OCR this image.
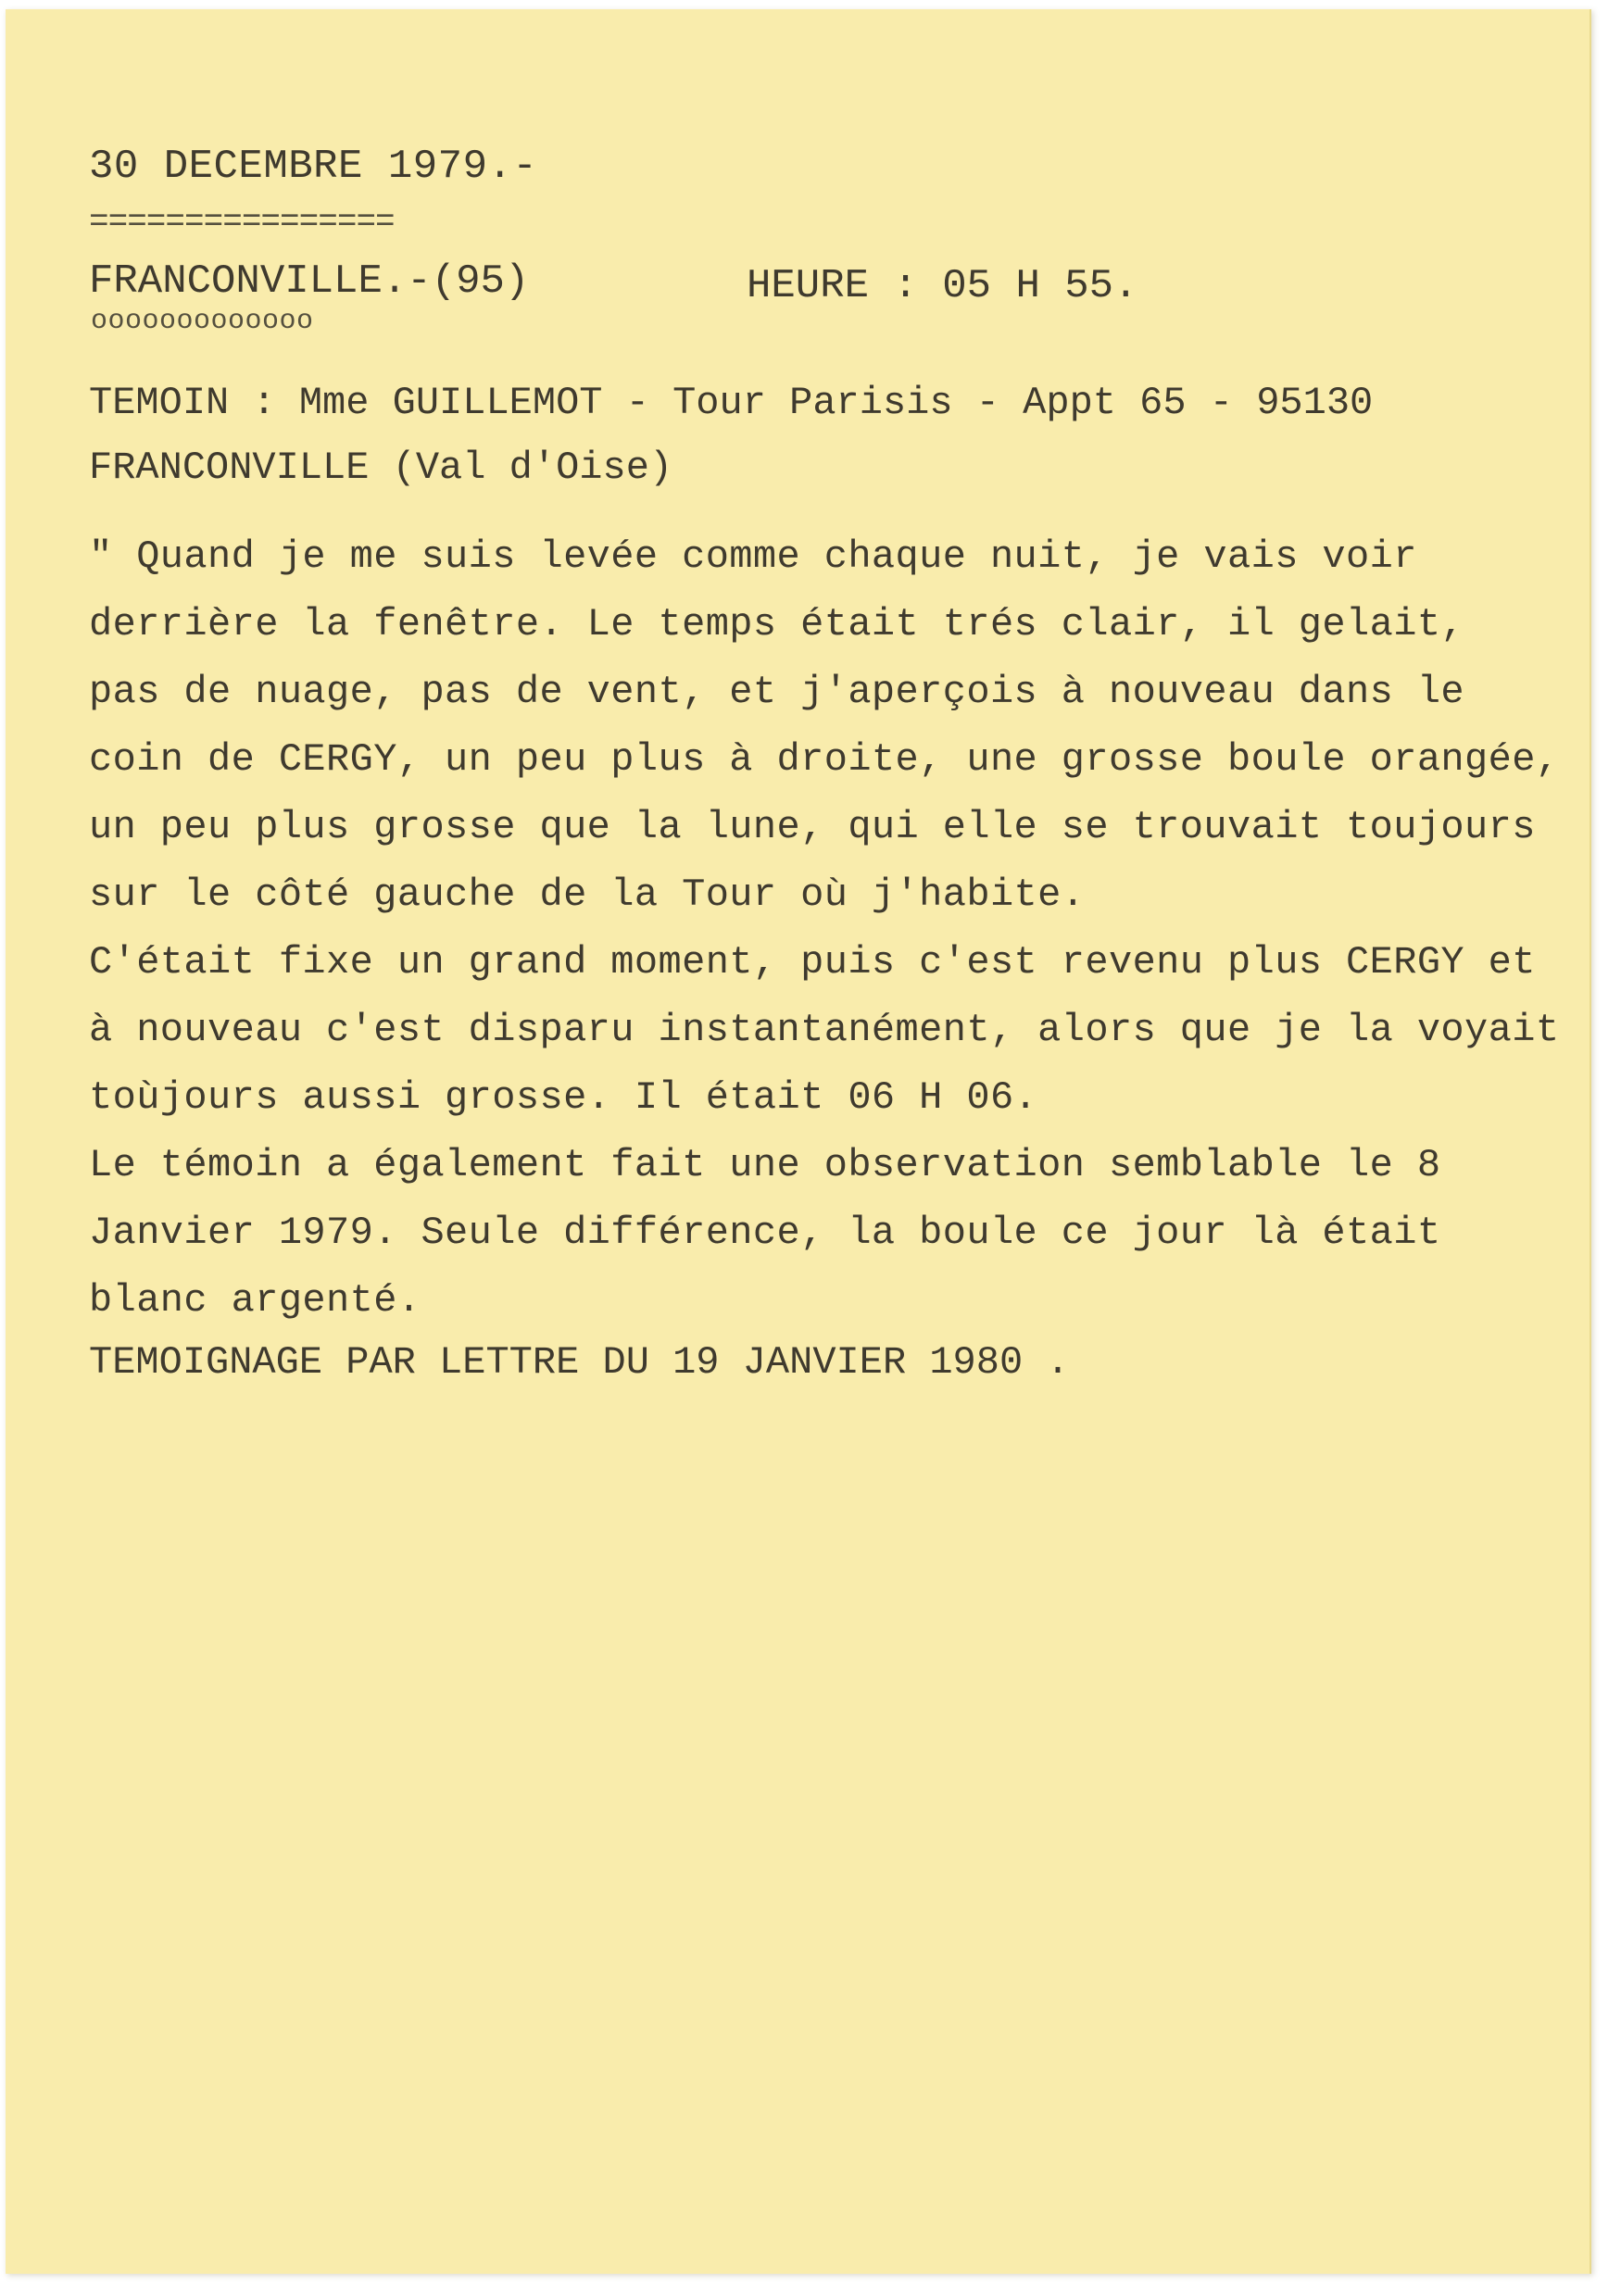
30 DECEMBRE 1979.-

================

FRANCONVILLE.-(95)	HEURE : 05 H 55.

ooooooooooooo

TEMOIN : Mme GUILLEMOT - Tour Parisis - Appt 65 - 95130

FRANCONVILLE (Val d'Oise)

" Quand je me suis levée comme chaque nuit, je vais voir
derrière la fenêtre. Le temps était trés clair, il gelait,
pas de nuage, pas de vent, et j'aperçois à nouveau dans le
coin de CERGY, un peu plus à droite, une grosse boule orangée,
un peu plus grosse que la lune, qui elle se trouvait toujours
sur le côté gauche de la Tour où j'habite.
C'était fixe un grand moment, puis c'est revenu plus CERGY et
à nouveau c'est disparu instantanément, alors que je la voyait
toùjours aussi grosse. Il était 06 H 06.
Le témoin a également fait une observation semblable le 8
Janvier 1979. Seule différence, la boule ce jour là était
blanc argenté.

TEMOIGNAGE PAR LETTRE DU 19 JANVIER 1980 .
